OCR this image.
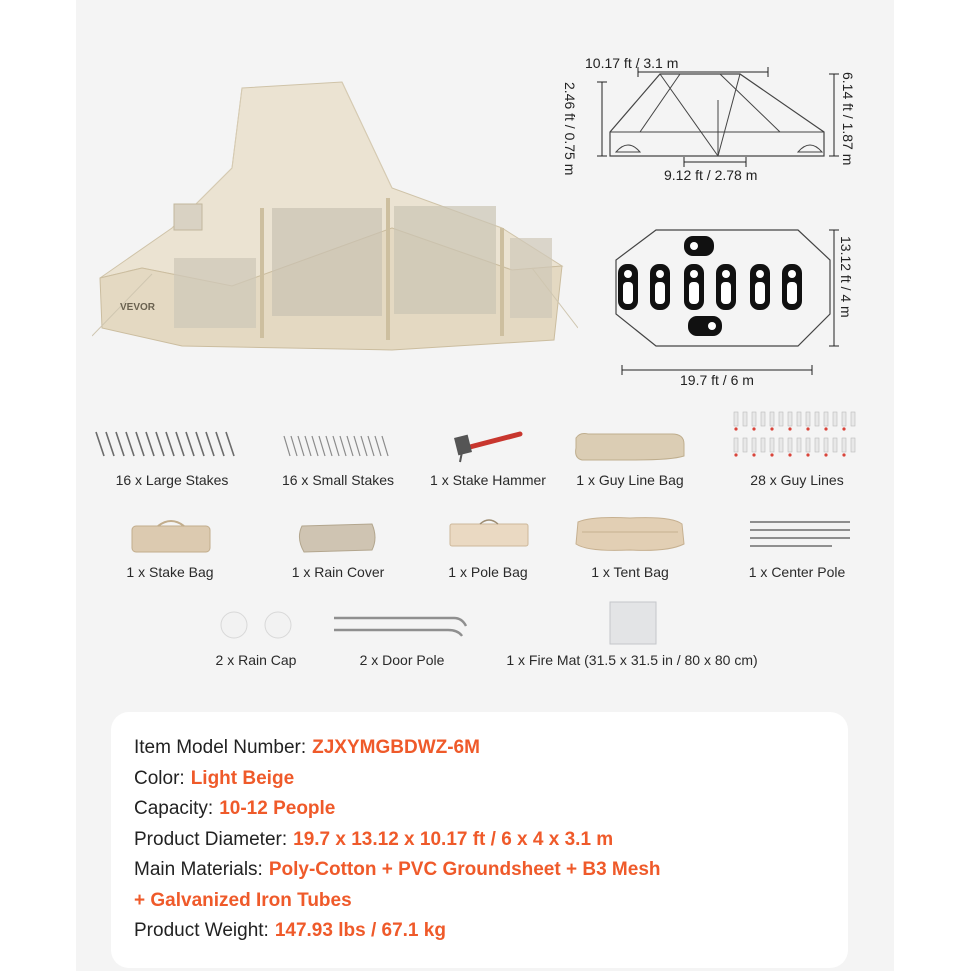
VEVOR
10.17 ft / 3.1 m
2.46 ft / 0.75 m	6.14 ft / 1.87 m
9.12 ft / 2.78 m
13.12 ft / 4 m
19.7 ft / 6 m
16 x Large Stakes	16 x Small Stakes	1 x Stake Hammer 1 x Guy Line Bag	28 x Guy Lines
1 x Stake Bag	1 x Rain Cover	1 x Pole Bag	1 x Tent Bag	1 x Center Pole
2 x Rain Cap	2 x Door Pole	1 x Fire Mat (31.5 x 31.5 in / 80 x 80 cm)
Item Model Number: ZJXYMGBDWZ-6M
Color: Light Beige
Capacity: 10-12 People
Product Diameter: 19.7 x 13.12 x 10.17 ft / 6 x 4 x 3.1 m
Main Materials: Poly-Cotton + PVC Groundsheet + B3 Mesh
+ Galvanized Iron Tubes
Product Weight: 147.93 lbs / 67.1 kg
